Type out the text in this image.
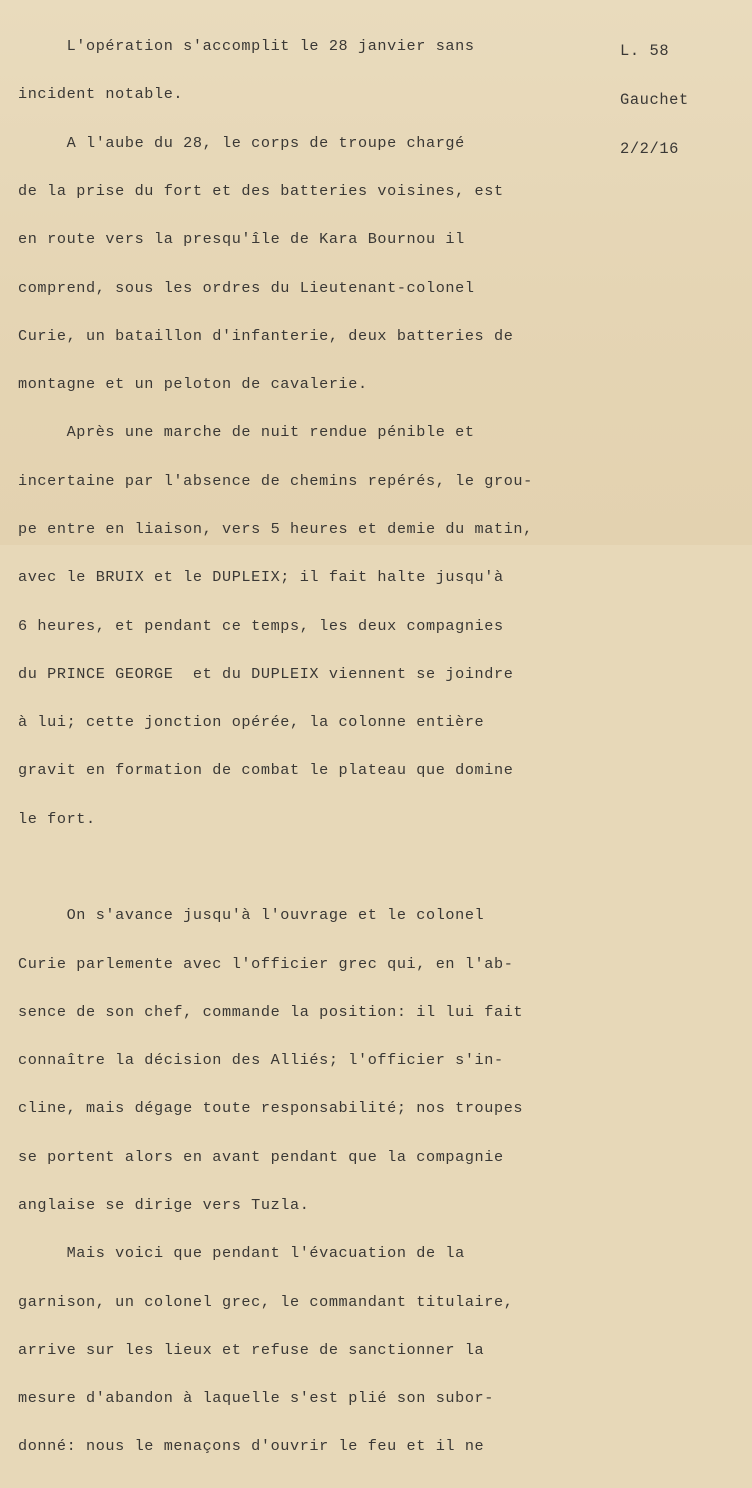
L'opération s'accomplit le 28 janvier sans

incident notable.

A l'aube du 28, le corps de troupe chargé

de la prise du fort et des batteries voisines, est

en route vers la presqu'île de Kara Bournou il

comprend, sous les ordres du Lieutenant-colonel

Curie, un bataillon d'infanterie, deux batteries de

montagne et un peloton de cavalerie.

Après une marche de nuit rendue pénible et

incertaine par l'absence de chemins repérés, le grou-

pe entre en liaison, vers 5 heures et demie du matin,

avec le BRUIX et le DUPLEIX; il fait halte jusqu'à

6 heures, et pendant ce temps, les deux compagnies

du PRINCE GEORGE  et du DUPLEIX viennent se joindre

à lui; cette jonction opérée, la colonne entière

gravit en formation de combat le plateau que domine

le fort.

On s'avance jusqu'à l'ouvrage et le colonel

Curie parlemente avec l'officier grec qui, en l'ab-

sence de son chef, commande la position: il lui fait

connaître la décision des Alliés; l'officier s'in-

cline, mais dégage toute responsabilité; nos troupes

se portent alors en avant pendant que la compagnie

anglaise se dirige vers Tuzla.

Mais voici que pendant l'évacuation de la

garnison, un colonel grec, le commandant titulaire,

arrive sur les lieux et refuse de sanctionner la

mesure d'abandon à laquelle s'est plié son subor-

donné: nous le menaçons d'ouvrir le feu et il ne

L. 58

Gauchet

2/2/16
